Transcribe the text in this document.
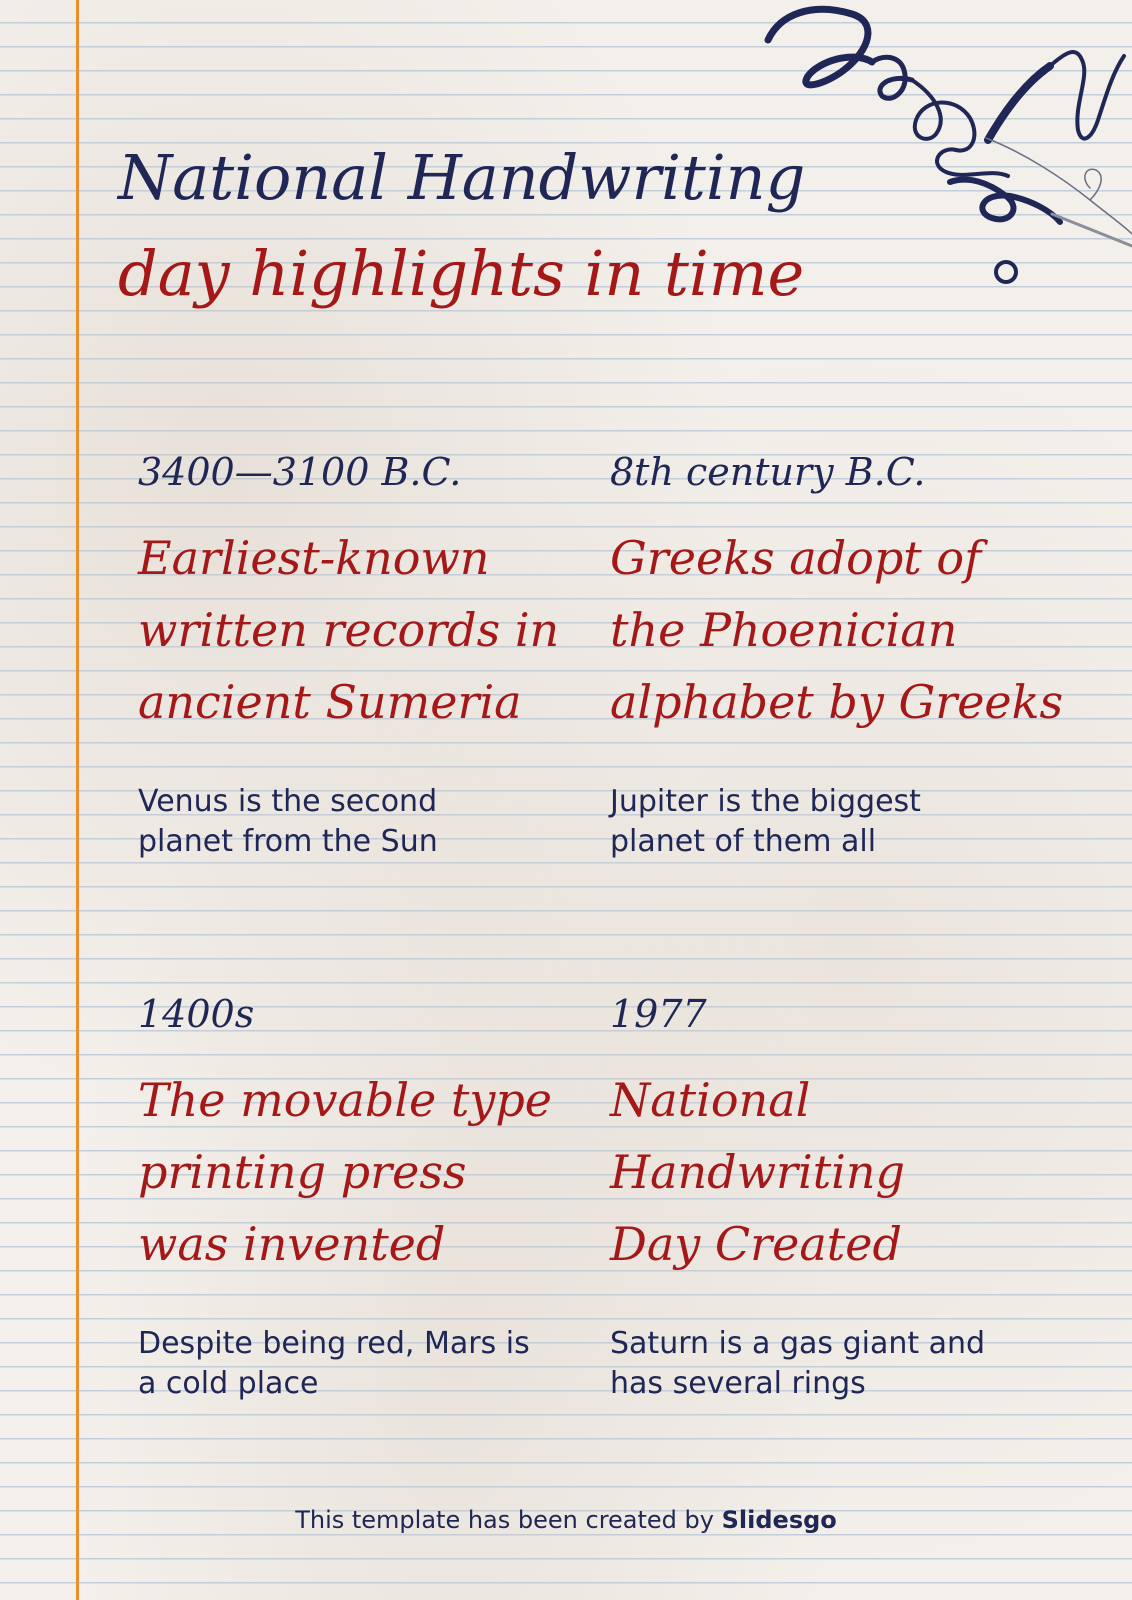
National Handwriting
day highlights in time
3400—3100 B.C.
Earliest-known
written records in
ancient Sumeria
Venus is the second
planet from the Sun
8th century B.C.
Greeks adopt of
the Phoenician
alphabet by Greeks
Jupiter is the biggest
planet of them all
1400s
The movable type
printing press
was invented
Despite being red, Mars is
a cold place
1977
National
Handwriting
Day Created
Saturn is a gas giant and
has several rings
This template has been created by Slidesgo
